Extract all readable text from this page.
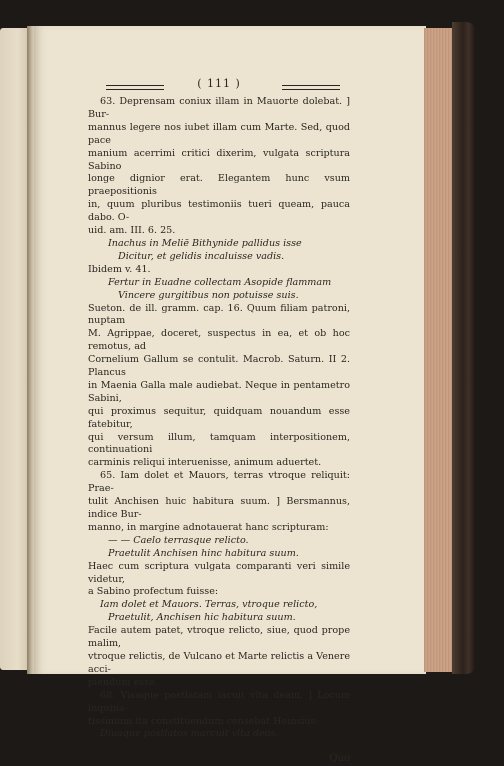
( 111 )

63. Deprensam coniux illam in Mauorte dolebat. ] Bur-

mannus legere nos iubet illam cum Marte. Sed, quod pace

manium acerrimi critici dixerim, vulgata scriptura Sabino

longe dignior erat. Elegantem hunc vsum praepositionis

in, quum pluribus testimoniis tueri queam, pauca dabo. O-

uid. am. III. 6. 25.

Inachus in Meliē Bithynide pallidus isse

Dicitur, et gelidis incaluisse vadis.

Ibidem v. 41.

Fertur in Euadne collectam Asopide flammam

Vincere gurgitibus non potuisse suis.

Sueton. de ill. gramm. cap. 16. Quum filiam patroni, nuptam

M. Agrippae, doceret, suspectus in ea, et ob hoc remotus, ad

Cornelium Gallum se contulit. Macrob. Saturn. II 2. Plancus

in Maenia Galla male audiebat. Neque in pentametro Sabini,

qui proximus sequitur, quidquam nouandum esse fatebitur,

qui versum illum, tamquam interpositionem, continuationi

carminis reliqui interuenisse, animum aduertet.

65. Iam dolet et Mauors, terras vtroque reliquit: Prae-

tulit Anchisen huic habitura suum. ] Bersmannus, indice Bur-

manno, in margine adnotauerat hanc scripturam:

— — Caelo terrasque relicto.

Praetulit Anchisen hinc habitura suum.

Haec cum scriptura vulgata comparanti veri simile videtur,

a Sabino profectum fuisse:

Iam dolet et Mauors. Terras, vtroque relicto,

Praetulit, Anchisen hic habitura suum.

Facile autem patet, vtroque relicto, siue, quod prope malim,

vtroque relictis, de Vulcano et Marte relictis a Venere acci-

piendum esse.

68. Visaque postlatam iacuit vlta deam. ] Locum inquina-

tissimum ita constituendum censebat Heinsius:

Diuaque postlatos marcuit vlta deos.

Quo
